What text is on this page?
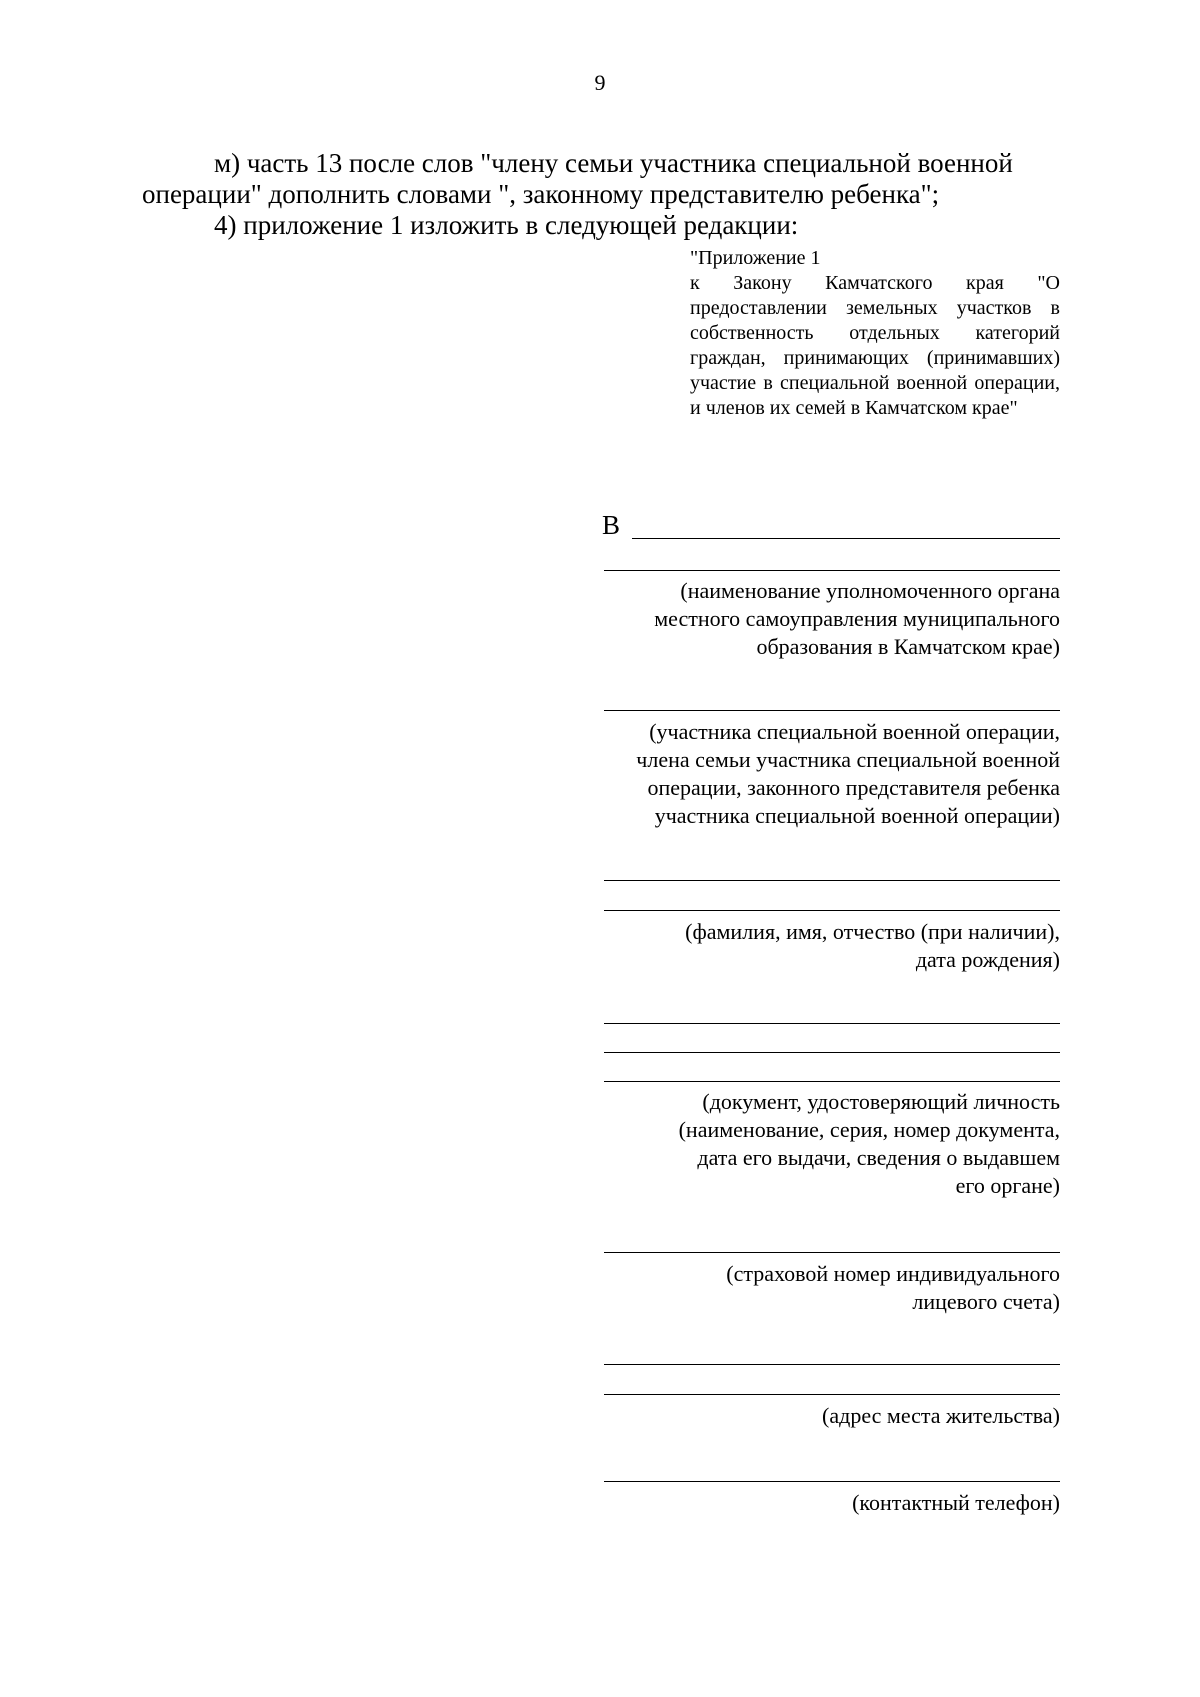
9

м) часть 13 после слов "члену семьи участника специальной военной

операции" дополнить словами ", законному представителю ребенка";

4) приложение 1 изложить в следующей редакции:

"Приложение 1

к Закону Камчатского края "О предоставлении земельных участков в собственность отдельных категорий граждан, принимающих (принимавших) участие в специальной военной операции, и членов их семей в Камчатском крае"

В
(наименование уполномоченного органа
местного самоуправления муниципального
образования в Камчатском крае)
(участника специальной военной операции,
члена семьи участника специальной военной
операции, законного представителя ребенка
участника специальной военной операции)
(фамилия, имя, отчество (при наличии),
дата рождения)
(документ, удостоверяющий личность
(наименование, серия, номер документа,
дата его выдачи, сведения о выдавшем
его органе)
(страховой номер индивидуального
лицевого счета)
(адрес места жительства)
(контактный телефон)
